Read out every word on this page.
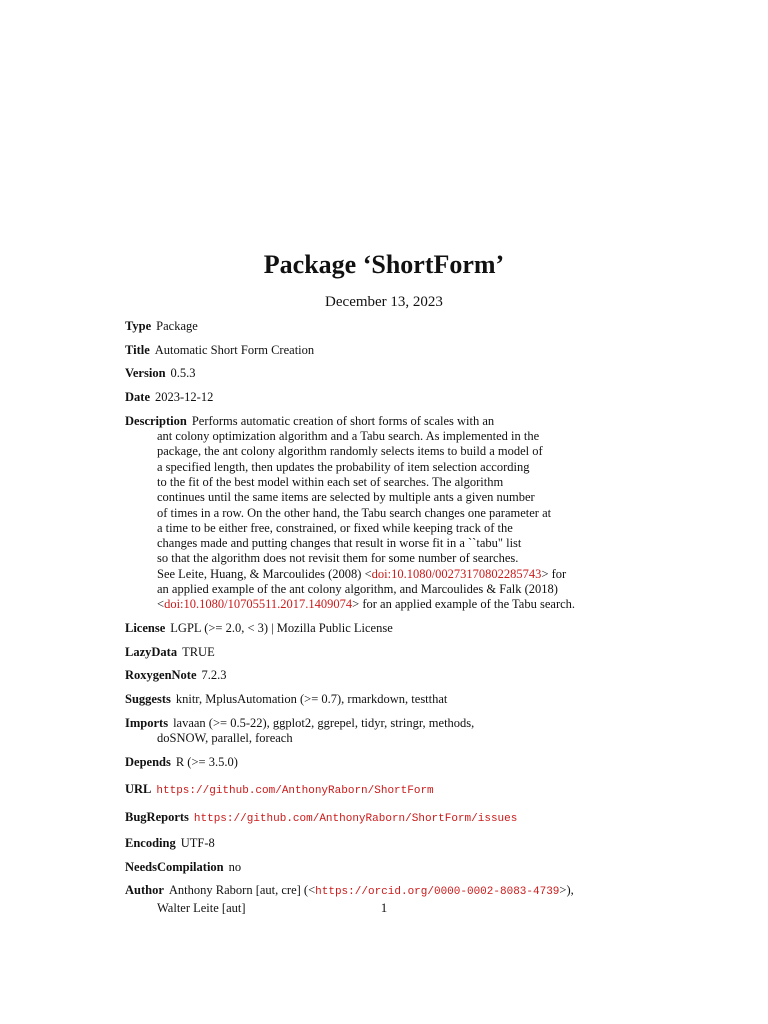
Package ‘ShortForm’
December 13, 2023
Type Package
Title Automatic Short Form Creation
Version 0.5.3
Date 2023-12-12
Description Performs automatic creation of short forms of scales with an
ant colony optimization algorithm and a Tabu search. As implemented in the
package, the ant colony algorithm randomly selects items to build a model of
a specified length, then updates the probability of item selection according
to the fit of the best model within each set of searches. The algorithm
continues until the same items are selected by multiple ants a given number
of times in a row. On the other hand, the Tabu search changes one parameter at
a time to be either free, constrained, or fixed while keeping track of the
changes made and putting changes that result in worse fit in a ``tabu" list
so that the algorithm does not revisit them for some number of searches.
See Leite, Huang, & Marcoulides (2008) <doi:10.1080/00273170802285743> for
an applied example of the ant colony algorithm, and Marcoulides & Falk (2018)
<doi:10.1080/10705511.2017.1409074> for an applied example of the Tabu search.
License LGPL (>= 2.0, < 3) | Mozilla Public License
LazyData TRUE
RoxygenNote 7.2.3
Suggests knitr, MplusAutomation (>= 0.7), rmarkdown, testthat
Imports lavaan (>= 0.5-22), ggplot2, ggrepel, tidyr, stringr, methods,
doSNOW, parallel, foreach
Depends R (>= 3.5.0)
URL https://github.com/AnthonyRaborn/ShortForm
BugReports https://github.com/AnthonyRaborn/ShortForm/issues
Encoding UTF-8
NeedsCompilation no
Author Anthony Raborn [aut, cre] (<https://orcid.org/0000-0002-8083-4739>),
Walter Leite [aut]	1
